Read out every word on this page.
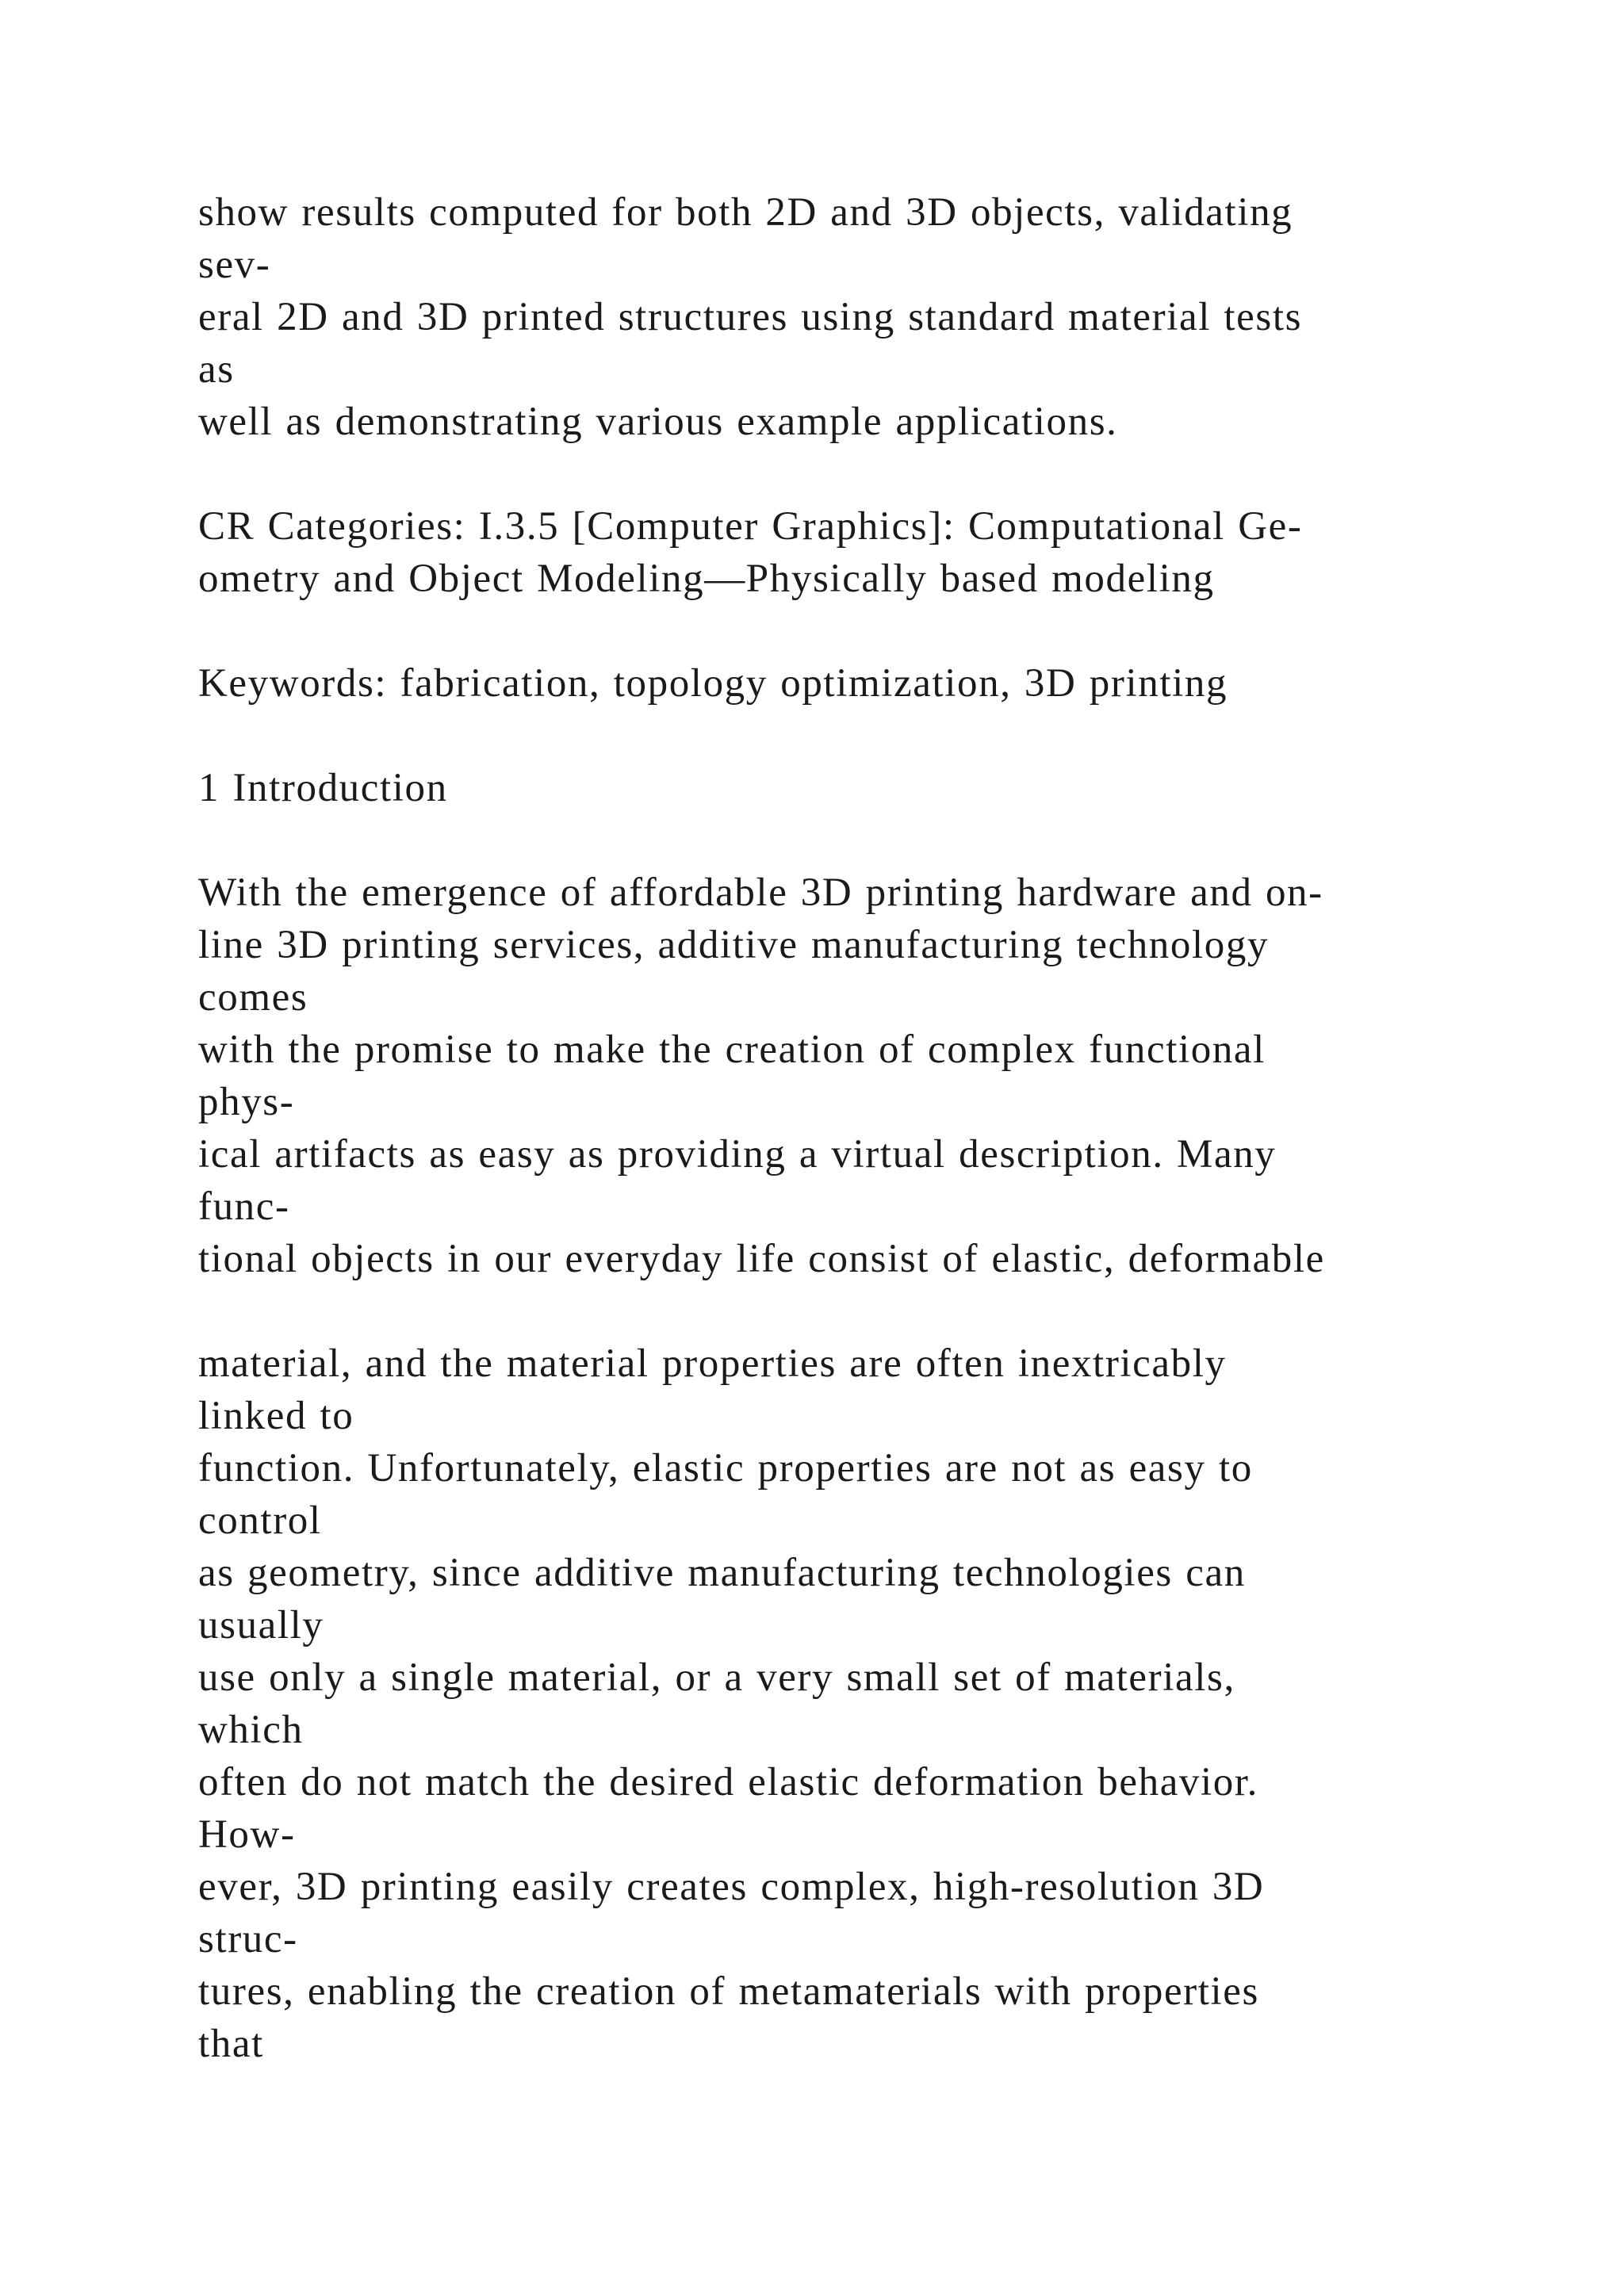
show results computed for both 2D and 3D objects, validating
sev-
eral 2D and 3D printed structures using standard material tests
as
well as demonstrating various example applications.
CR Categories: I.3.5 [Computer Graphics]: Computational Ge-
ometry and Object Modeling—Physically based modeling
Keywords: fabrication, topology optimization, 3D printing
1 Introduction
With the emergence of affordable 3D printing hardware and on-
line 3D printing services, additive manufacturing technology
comes
with the promise to make the creation of complex functional
phys-
ical artifacts as easy as providing a virtual description. Many
func-
tional objects in our everyday life consist of elastic, deformable
material, and the material properties are often inextricably
linked to
function. Unfortunately, elastic properties are not as easy to
control
as geometry, since additive manufacturing technologies can
usually
use only a single material, or a very small set of materials,
which
often do not match the desired elastic deformation behavior.
How-
ever, 3D printing easily creates complex, high-resolution 3D
struc-
tures, enabling the creation of metamaterials with properties
that
